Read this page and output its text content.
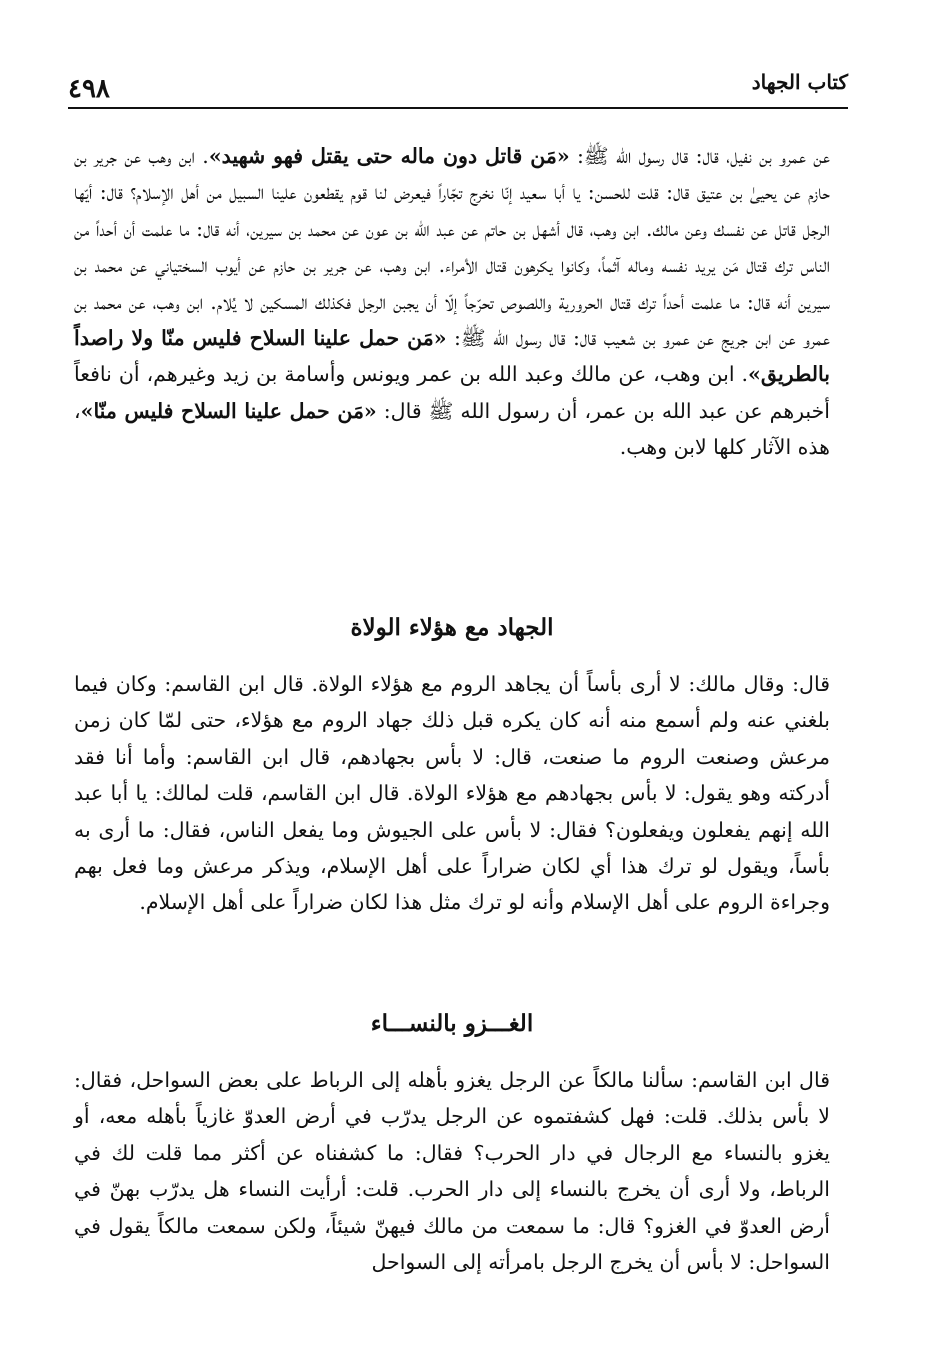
كتاب الجهاد
٤٩٨

عن عمرو بن نفيل، قال: قال رسول الله ﷺ: «مَن قاتل دون ماله حتى يقتل فهو شهيد». ابن وهب عن جرير بن حازم عن يحيىٰ بن عتيق قال: قلت للحسن: يا أبا سعيد إنّا نخرج تجّاراً فيعرض لنا قوم يقطعون علينا السبيل من أهل الإسلام؟ قال: أيّها الرجل قاتل عن نفسك وعن مالك. ابن وهب، قال أشهل بن حاتم عن عبد الله بن عون عن محمد بن سيرين، أنه قال: ما علمت أن أحداً من الناس ترك قتال مَن يريد نفسه وماله آثماً، وكانوا يكرهون قتال الأمراء. ابن وهب، عن جرير بن حازم عن أيوب السختياني عن محمد بن سيرين أنه قال: ما علمت أحداً ترك قتال الحرورية واللصوص تحرّجاً إلّا أن يجبن الرجل فكذلك المسكين لا يُلام. ابن وهب، عن محمد بن عمرو عن ابن جريج عن عمرو بن شعيب قال: قال رسول الله ﷺ: «مَن حمل علينا السلاح فليس منّا ولا راصداً بالطريق». ابن وهب، عن مالك وعبد الله بن عمر ويونس وأسامة بن زيد وغيرهم، أن نافعاً أخبرهم عن عبد الله بن عمر، أن رسول الله ﷺ قال: «مَن حمل علينا السلاح فليس منّا»، هذه الآثار كلها لابن وهب.

الجهاد مع هؤلاء الولاة

قال: وقال مالك: لا أرى بأساً أن يجاهد الروم مع هؤلاء الولاة. قال ابن القاسم: وكان فيما بلغني عنه ولم أسمع منه أنه كان يكره قبل ذلك جهاد الروم مع هؤلاء، حتى لمّا كان زمن مرعش وصنعت الروم ما صنعت، قال: لا بأس بجهادهم، قال ابن القاسم: وأما أنا فقد أدركته وهو يقول: لا بأس بجهادهم مع هؤلاء الولاة. قال ابن القاسم، قلت لمالك: يا أبا عبد الله إنهم يفعلون ويفعلون؟ فقال: لا بأس على الجيوش وما يفعل الناس، فقال: ما أرى به بأساً، ويقول لو ترك هذا أي لكان ضراراً على أهل الإسلام، ويذكر مرعش وما فعل بهم وجراءة الروم على أهل الإسلام وأنه لو ترك مثل هذا لكان ضراراً على أهل الإسلام.

الغـــزو بالنســـاء

قال ابن القاسم: سألنا مالكاً عن الرجل يغزو بأهله إلى الرباط على بعض السواحل، فقال: لا بأس بذلك. قلت: فهل كشفتموه عن الرجل يدرّب في أرض العدوّ غازياً بأهله معه، أو يغزو بالنساء مع الرجال في دار الحرب؟ فقال: ما كشفناه عن أكثر مما قلت لك في الرباط، ولا أرى أن يخرج بالنساء إلى دار الحرب. قلت: أرأيت النساء هل يدرّب بهنّ في أرض العدوّ في الغزو؟ قال: ما سمعت من مالك فيهنّ شيئاً، ولكن سمعت مالكاً يقول في السواحل: لا بأس أن يخرج الرجل بامرأته إلى السواحل
